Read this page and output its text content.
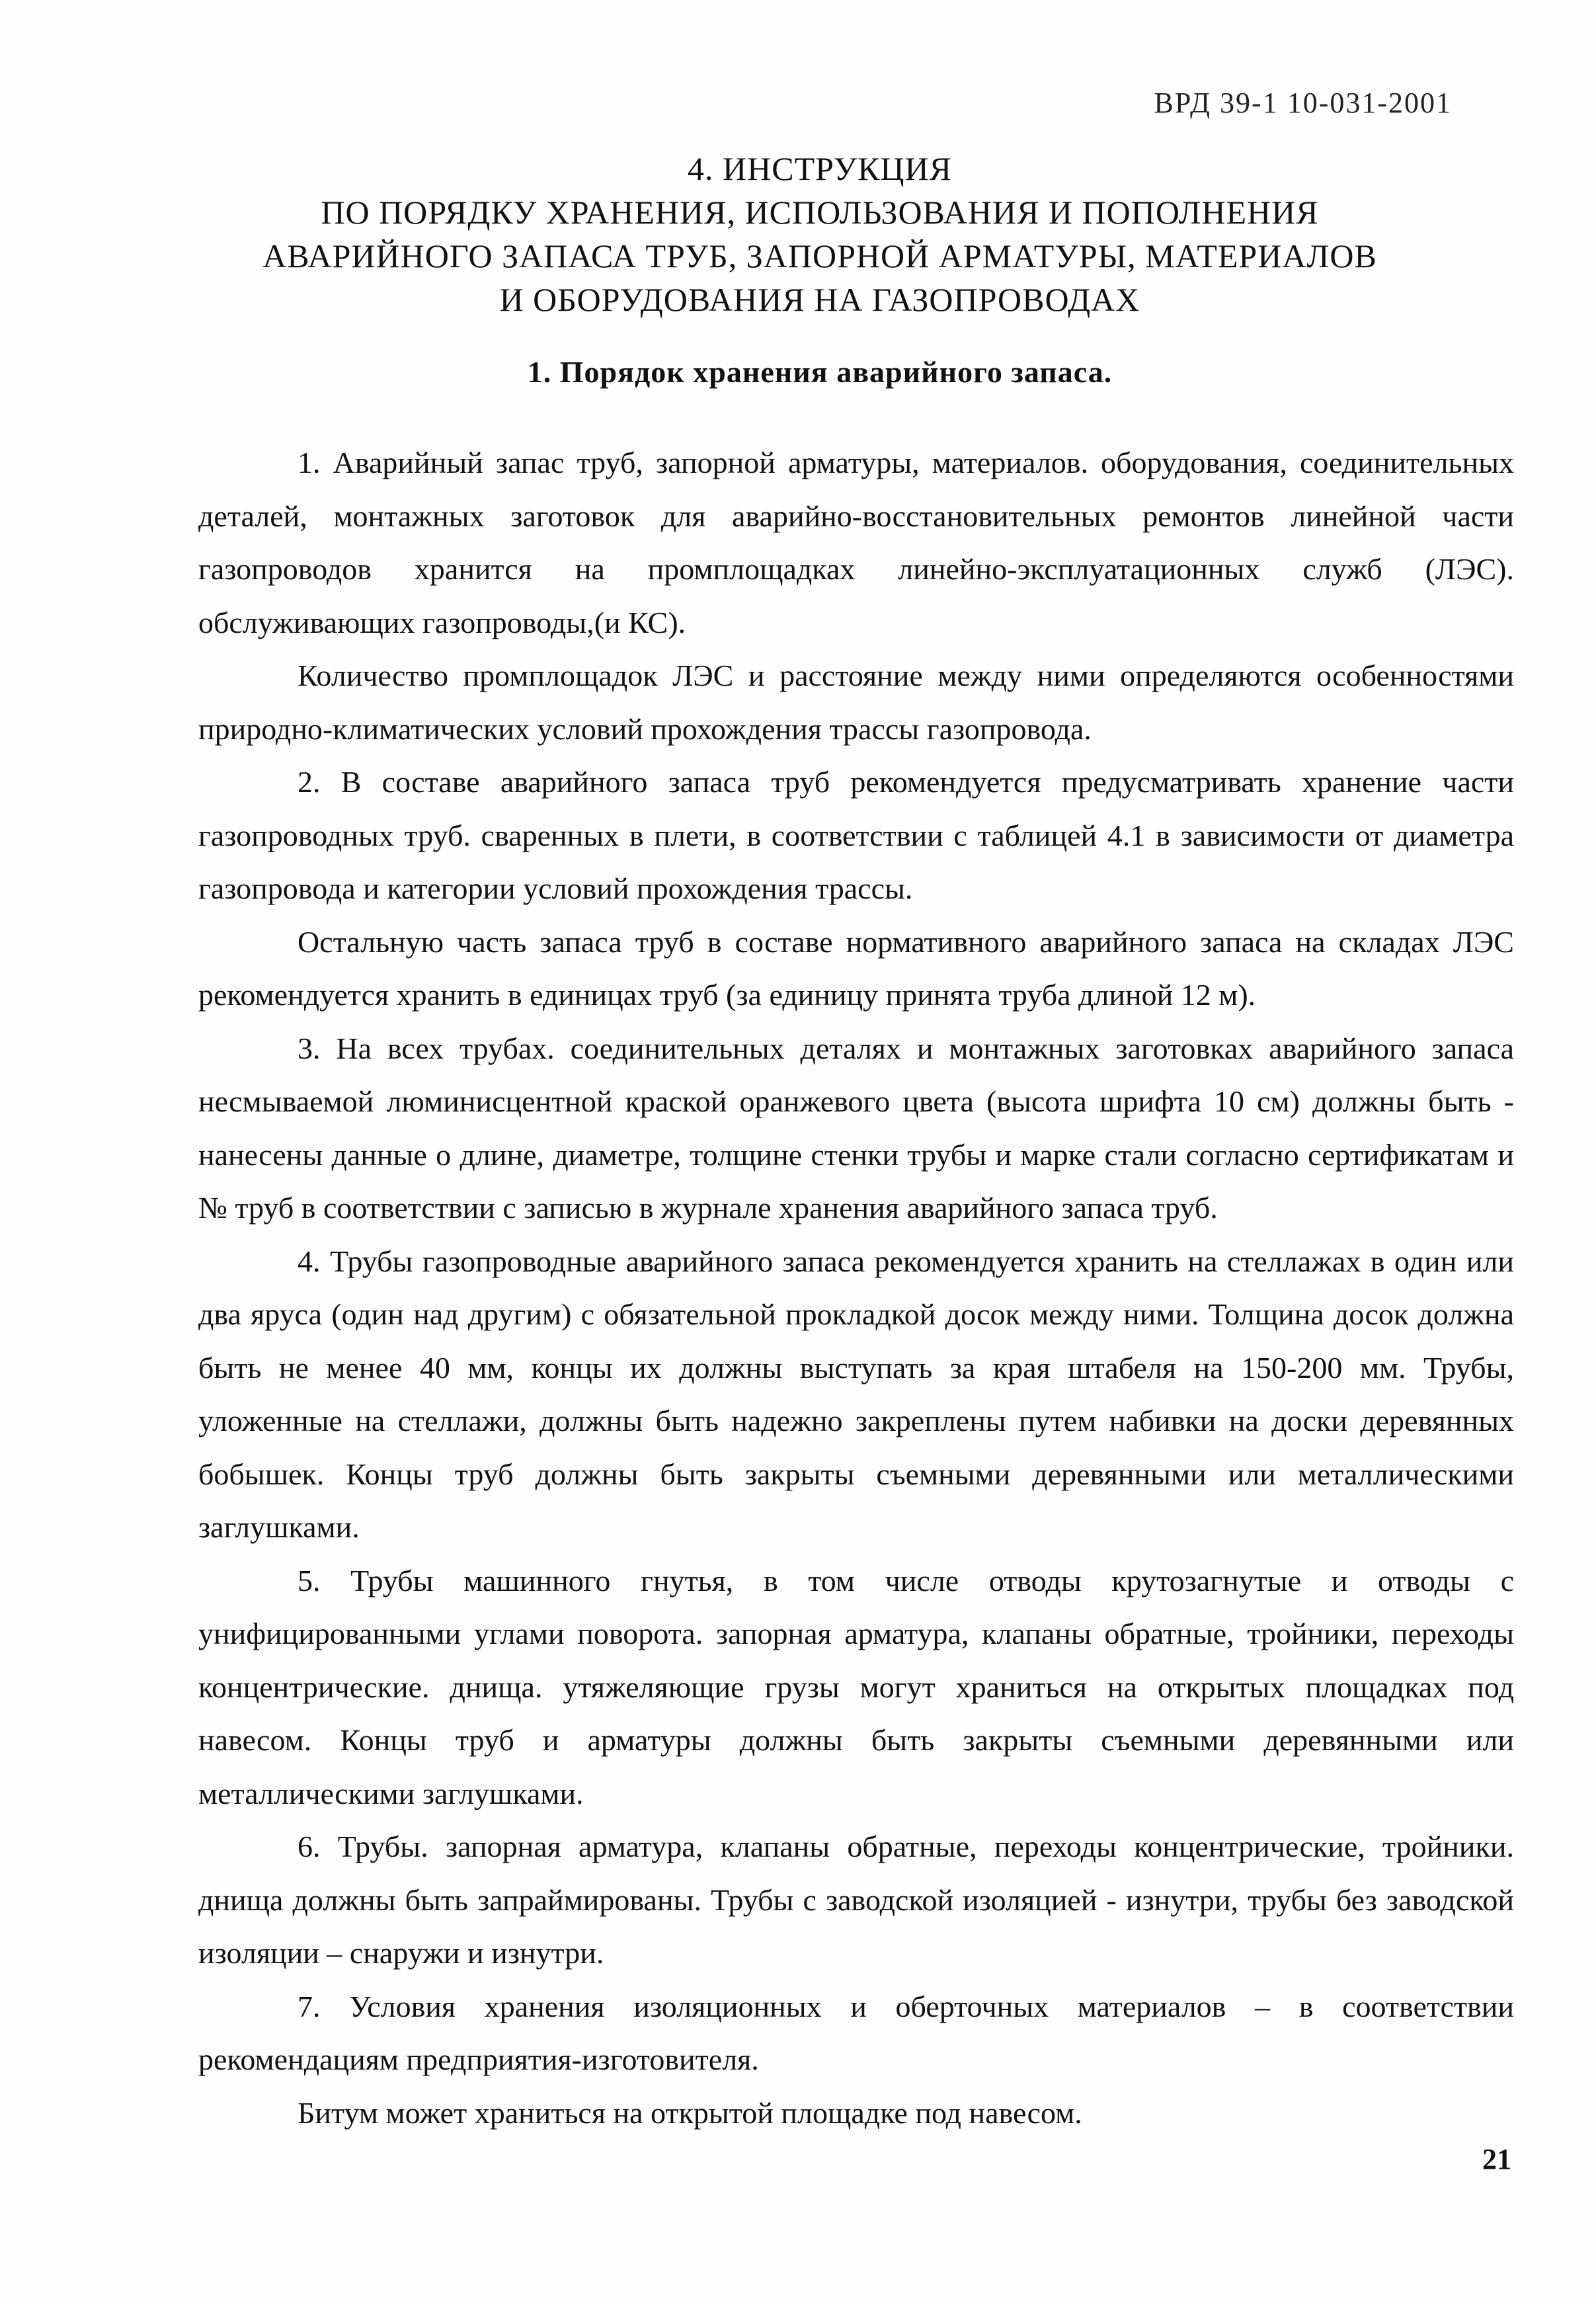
ВРД 39-1 10-031-2001
4. ИНСТРУКЦИЯ
ПО ПОРЯДКУ ХРАНЕНИЯ, ИСПОЛЬЗОВАНИЯ И ПОПОЛНЕНИЯ
АВАРИЙНОГО ЗАПАСА ТРУБ, ЗАПОРНОЙ АРМАТУРЫ, МАТЕРИАЛОВ
И ОБОРУДОВАНИЯ НА ГАЗОПРОВОДАХ
1. Порядок хранения аварийного запаса.

1. Аварийный запас труб, запорной арматуры, материалов. оборудования, соединительных деталей, монтажных заготовок для аварийно-восстановительных ремонтов линейной части газопроводов хранится на промплощадках линейно-эксплуатационных служб (ЛЭС). обслуживающих газопроводы,(и КС).

Количество промплощадок ЛЭС и расстояние между ними определяются особенностями природно-климатических условий прохождения трассы газопровода.

2. В составе аварийного запаса труб рекомендуется предусматривать хранение части газопроводных труб. сваренных в плети, в соответствии с таблицей 4.1 в зависимости от диаметра газопровода и категории условий прохождения трассы.

Остальную часть запаса труб в составе нормативного аварийного запаса на складах ЛЭС рекомендуется хранить в единицах труб (за единицу принята труба длиной 12 м).

3. На всех трубах. соединительных деталях и монтажных заготовках аварийного запаса несмываемой люминисцентной краской оранжевого цвета (высота шрифта 10 см) должны быть - нанесены данные о длине, диаметре, толщине стенки трубы и марке стали согласно сертификатам и № труб в соответствии с записью в журнале хранения аварийного запаса труб.

4. Трубы газопроводные аварийного запаса рекомендуется хранить на стеллажах в один или два яруса (один над другим) с обязательной прокладкой досок между ними. Толщина досок должна быть не менее 40 мм, концы их должны выступать за края штабеля на 150-200 мм. Трубы, уложенные на стеллажи, должны быть надежно закреплены путем набивки на доски деревянных бобышек. Концы труб должны быть закрыты съемными деревянными или металлическими заглушками.

5. Трубы машинного гнутья, в том числе отводы крутозагнутые и отводы с унифицированными углами поворота. запорная арматура, клапаны обратные, тройники, переходы концентрические. днища. утяжеляющие грузы могут храниться на открытых площадках под навесом. Концы труб и арматуры должны быть закрыты съемными деревянными или металлическими заглушками.

6. Трубы. запорная арматура, клапаны обратные, переходы концентрические, тройники. днища должны быть запраймированы. Трубы с заводской изоляцией - изнутри, трубы без заводской изоляции – снаружи и изнутри.

7. Условия хранения изоляционных и оберточных материалов – в соответствии рекомендациям предприятия-изготовителя.

Битум может храниться на открытой площадке под навесом.

21
